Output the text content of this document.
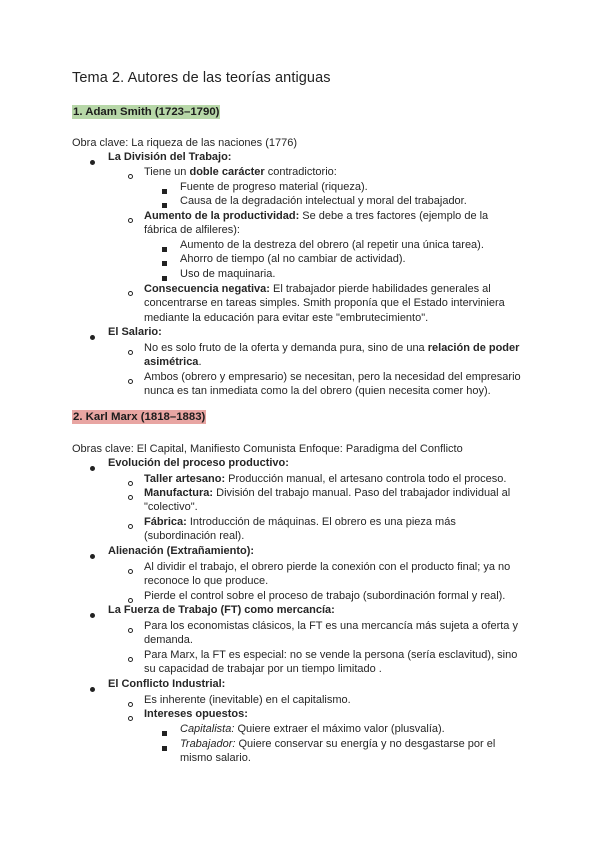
Tema 2. Autores de las teorías antiguas
1. Adam Smith (1723–1790)
Obra clave: La riqueza de las naciones (1776)
La División del Trabajo:
Tiene un doble carácter contradictorio:
Fuente de progreso material (riqueza).
Causa de la degradación intelectual y moral del trabajador.
Aumento de la productividad: Se debe a tres factores (ejemplo de la
fábrica de alfileres):
Aumento de la destreza del obrero (al repetir una única tarea).
Ahorro de tiempo (al no cambiar de actividad).
Uso de maquinaria.
Consecuencia negativa: El trabajador pierde habilidades generales al
concentrarse en tareas simples. Smith proponía que el Estado interviniera
mediante la educación para evitar este "embrutecimiento".
El Salario:
No es solo fruto de la oferta y demanda pura, sino de una relación de poder
asimétrica.
Ambos (obrero y empresario) se necesitan, pero la necesidad del empresario
nunca es tan inmediata como la del obrero (quien necesita comer hoy).
2. Karl Marx (1818–1883)
Obras clave: El Capital, Manifiesto Comunista Enfoque: Paradigma del Conflicto
Evolución del proceso productivo:
Taller artesano: Producción manual, el artesano controla todo el proceso.
Manufactura: División del trabajo manual. Paso del trabajador individual al
"colectivo".
Fábrica: Introducción de máquinas. El obrero es una pieza más
(subordinación real).
Alienación (Extrañamiento):
Al dividir el trabajo, el obrero pierde la conexión con el producto final; ya no
reconoce lo que produce.
Pierde el control sobre el proceso de trabajo (subordinación formal y real).
La Fuerza de Trabajo (FT) como mercancía:
Para los economistas clásicos, la FT es una mercancía más sujeta a oferta y
demanda.
Para Marx, la FT es especial: no se vende la persona (sería esclavitud), sino
su capacidad de trabajar por un tiempo limitado .
El Conflicto Industrial:
Es inherente (inevitable) en el capitalismo.
Intereses opuestos:
Capitalista: Quiere extraer el máximo valor (plusvalía).
Trabajador: Quiere conservar su energía y no desgastarse por el
mismo salario.
